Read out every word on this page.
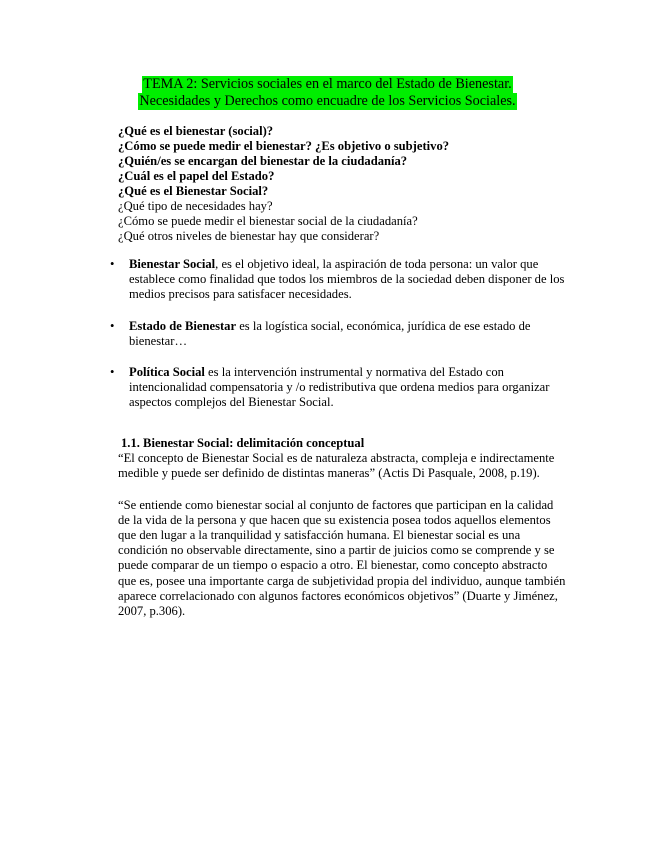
TEMA 2: Servicios sociales en el marco del Estado de Bienestar.
Necesidades y Derechos como encuadre de los Servicios Sociales.
¿Qué es el bienestar (social)?
¿Cómo se puede medir el bienestar? ¿Es objetivo o subjetivo?
¿Quién/es se encargan del bienestar de la ciudadanía?
¿Cuál es el papel del Estado?
¿Qué es el Bienestar Social?
¿Qué tipo de necesidades hay?
¿Cómo se puede medir el bienestar social de la ciudadanía?
¿Qué otros niveles de bienestar hay que considerar?
• Bienestar Social, es el objetivo ideal, la aspiración de toda persona: un valor que establece como finalidad que todos los miembros de la sociedad deben disponer de los medios precisos para satisfacer necesidades.
• Estado de Bienestar es la logística social, económica, jurídica de ese estado de bienestar…
• Política Social es la intervención instrumental y normativa del Estado con intencionalidad compensatoria y /o redistributiva que ordena medios para organizar aspectos complejos del Bienestar Social.
1.1. Bienestar Social: delimitación conceptual

“El concepto de Bienestar Social es de naturaleza abstracta, compleja e indirectamente medible y puede ser definido de distintas maneras” (Actis Di Pasquale, 2008, p.19).

“Se entiende como bienestar social al conjunto de factores que participan en la calidad de la vida de la persona y que hacen que su existencia posea todos aquellos elementos que den lugar a la tranquilidad y satisfacción humana. El bienestar social es una condición no observable directamente, sino a partir de juicios como se comprende y se puede comparar de un tiempo o espacio a otro. El bienestar, como concepto abstracto que es, posee una importante carga de subjetividad propia del individuo, aunque también aparece correlacionado con algunos factores económicos objetivos” (Duarte y Jiménez, 2007, p.306).
